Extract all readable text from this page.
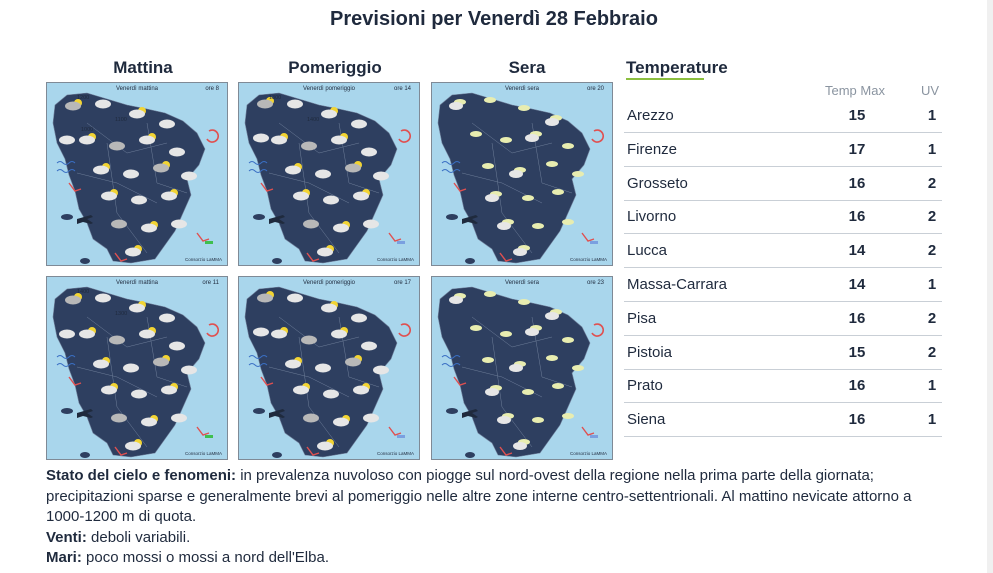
Previsioni per Venerdì 28 Febbraio
Mattina	Pomeriggio	Sera
Venerdì mattina	ore 8
Consorzio LaMMA
1200
1100
1000
Venerdì pomeriggio	ore 14
Consorzio LaMMA
1300
1400
Venerdì sera	ore 20
Consorzio LaMMA
Venerdì mattina	ore 11
Consorzio LaMMA
1400
1300
Venerdì pomeriggio	ore 17
Consorzio LaMMA
Venerdì sera	ore 23
Consorzio LaMMA
Temperature
Temp Max	UV
Arezzo	15	1
Firenze	17	1
Grosseto	16	2
Livorno	16	2
Lucca	14	2
Massa-Carrara	14	1
Pisa	16	2
Pistoia	15	2
Prato	16	1
Siena	16	1
Stato del cielo e fenomeni: in prevalenza nuvoloso con piogge sul nord-ovest della regione nella prima parte della giornata; precipitazioni sparse e generalmente brevi al pomeriggio nelle altre zone interne centro-settentrionali. Al mattino nevicate attorno a 1000-1200 m di quota.
Venti: deboli variabili.
Mari: poco mossi o mossi a nord dell'Elba.
